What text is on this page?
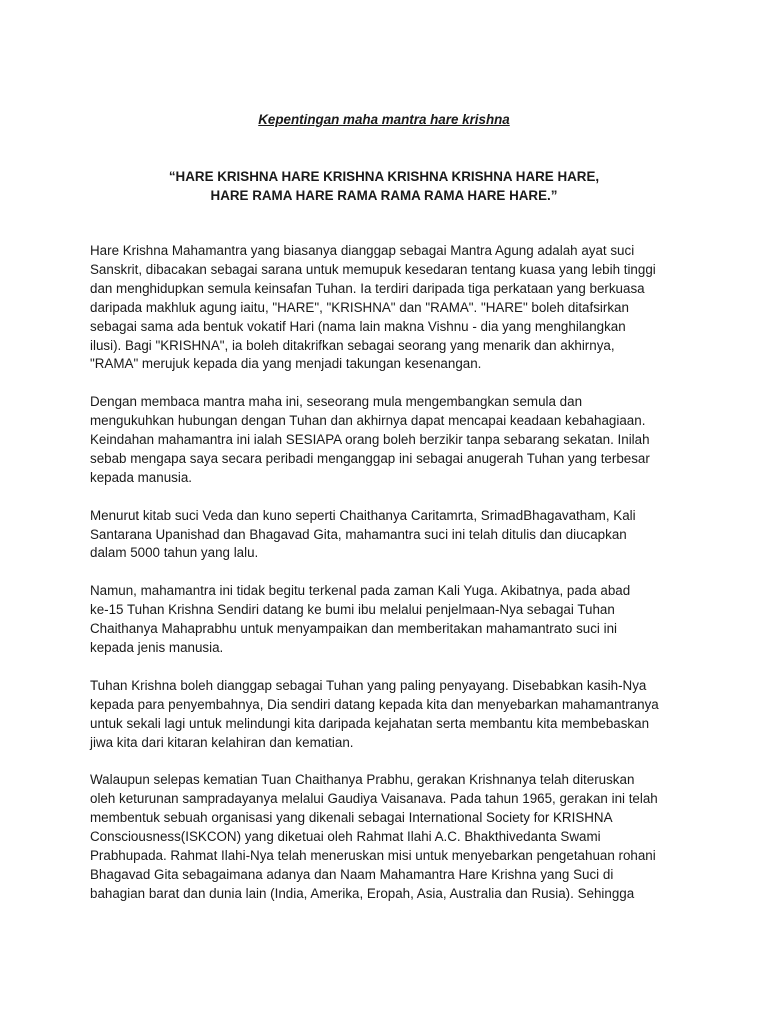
Kepentingan maha mantra hare krishna
“HARE KRISHNA HARE KRISHNA KRISHNA KRISHNA HARE HARE,
HARE RAMA HARE RAMA RAMA RAMA HARE HARE.”

Hare Krishna Mahamantra yang biasanya dianggap sebagai Mantra Agung adalah ayat suci
Sanskrit, dibacakan sebagai sarana untuk memupuk kesedaran tentang kuasa yang lebih tinggi
dan menghidupkan semula keinsafan Tuhan. Ia terdiri daripada tiga perkataan yang berkuasa
daripada makhluk agung iaitu, "HARE", "KRISHNA" dan "RAMA". "HARE" boleh ditafsirkan
sebagai sama ada bentuk vokatif Hari (nama lain makna Vishnu - dia yang menghilangkan
ilusi). Bagi "KRISHNA", ia boleh ditakrifkan sebagai seorang yang menarik dan akhirnya,
"RAMA" merujuk kepada dia yang menjadi takungan kesenangan.

Dengan membaca mantra maha ini, seseorang mula mengembangkan semula dan
mengukuhkan hubungan dengan Tuhan dan akhirnya dapat mencapai keadaan kebahagiaan.
Keindahan mahamantra ini ialah SESIAPA orang boleh berzikir tanpa sebarang sekatan. Inilah
sebab mengapa saya secara peribadi menganggap ini sebagai anugerah Tuhan yang terbesar
kepada manusia.

Menurut kitab suci Veda dan kuno seperti Chaithanya Caritamrta, SrimadBhagavatham, Kali
Santarana Upanishad dan Bhagavad Gita, mahamantra suci ini telah ditulis dan diucapkan
dalam 5000 tahun yang lalu.

Namun, mahamantra ini tidak begitu terkenal pada zaman Kali Yuga. Akibatnya, pada abad
ke-15 Tuhan Krishna Sendiri datang ke bumi ibu melalui penjelmaan-Nya sebagai Tuhan
Chaithanya Mahaprabhu untuk menyampaikan dan memberitakan mahamantrato suci ini
kepada jenis manusia.

Tuhan Krishna boleh dianggap sebagai Tuhan yang paling penyayang. Disebabkan kasih-Nya
kepada para penyembahnya, Dia sendiri datang kepada kita dan menyebarkan mahamantranya
untuk sekali lagi untuk melindungi kita daripada kejahatan serta membantu kita membebaskan
jiwa kita dari kitaran kelahiran dan kematian.

Walaupun selepas kematian Tuan Chaithanya Prabhu, gerakan Krishnanya telah diteruskan
oleh keturunan sampradayanya melalui Gaudiya Vaisanava. Pada tahun 1965, gerakan ini telah
membentuk sebuah organisasi yang dikenali sebagai International Society for KRISHNA
Consciousness(ISKCON) yang diketuai oleh Rahmat Ilahi A.C. Bhakthivedanta Swami
Prabhupada. Rahmat Ilahi-Nya telah meneruskan misi untuk menyebarkan pengetahuan rohani
Bhagavad Gita sebagaimana adanya dan Naam Mahamantra Hare Krishna yang Suci di
bahagian barat dan dunia lain (India, Amerika, Eropah, Asia, Australia dan Rusia). Sehingga
